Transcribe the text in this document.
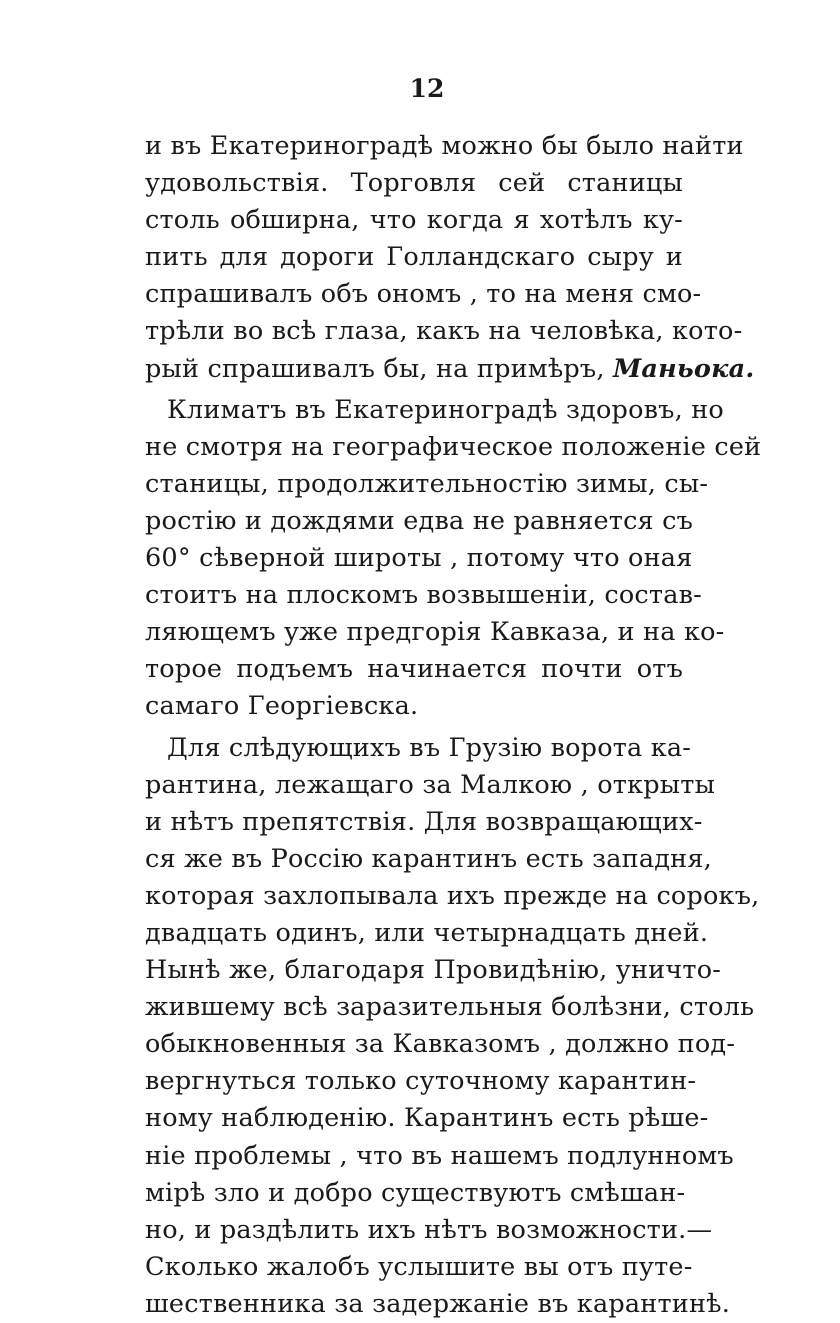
12
и въ Екатериноградѣ можно бы было найти
удовольствія. Торговля сей станицы
столь обширна, что когда я хотѣлъ ку-
пить для дороги Голландскаго сыру и
спрашивалъ объ ономъ , то на меня смо-
трѣли во всѣ глаза, какъ на человѣка, кото-
рый спрашивалъ бы, на примѣръ, Маньока.
Климатъ въ Екатериноградѣ здоровъ, но
не смотря на географическое положеніе сей
станицы, продолжительностію зимы, сы-
ростію и дождями едва не равняется съ
60° сѣверной широты , потому что оная
стоитъ на плоскомъ возвышеніи, состав-
ляющемъ уже предгорія Кавказа, и на ко-
торое подъемъ начинается почти отъ
самаго Георгіевска.
Для слѣдующихъ въ Грузію ворота ка-
рантина, лежащаго за Малкою , открыты
и нѣтъ препятствія. Для возвращающих-
ся же въ Россію карантинъ есть западня,
которая захлопывала ихъ прежде на сорокъ,
двадцать одинъ, или четырнадцать дней.
Нынѣ же, благодаря Провидѣнію, уничто-
жившему всѣ заразительныя болѣзни, столь
обыкновенныя за Кавказомъ , должно под-
вергнуться только суточному карантин-
ному наблюденію. Карантинъ есть рѣше-
ніе проблемы , что въ нашемъ подлунномъ
мірѣ зло и добро существуютъ смѣшан-
но, и раздѣлить ихъ нѣтъ возможности.—
Сколько жалобъ услышите вы отъ путе-
шественника за задержаніе въ карантинѣ.
